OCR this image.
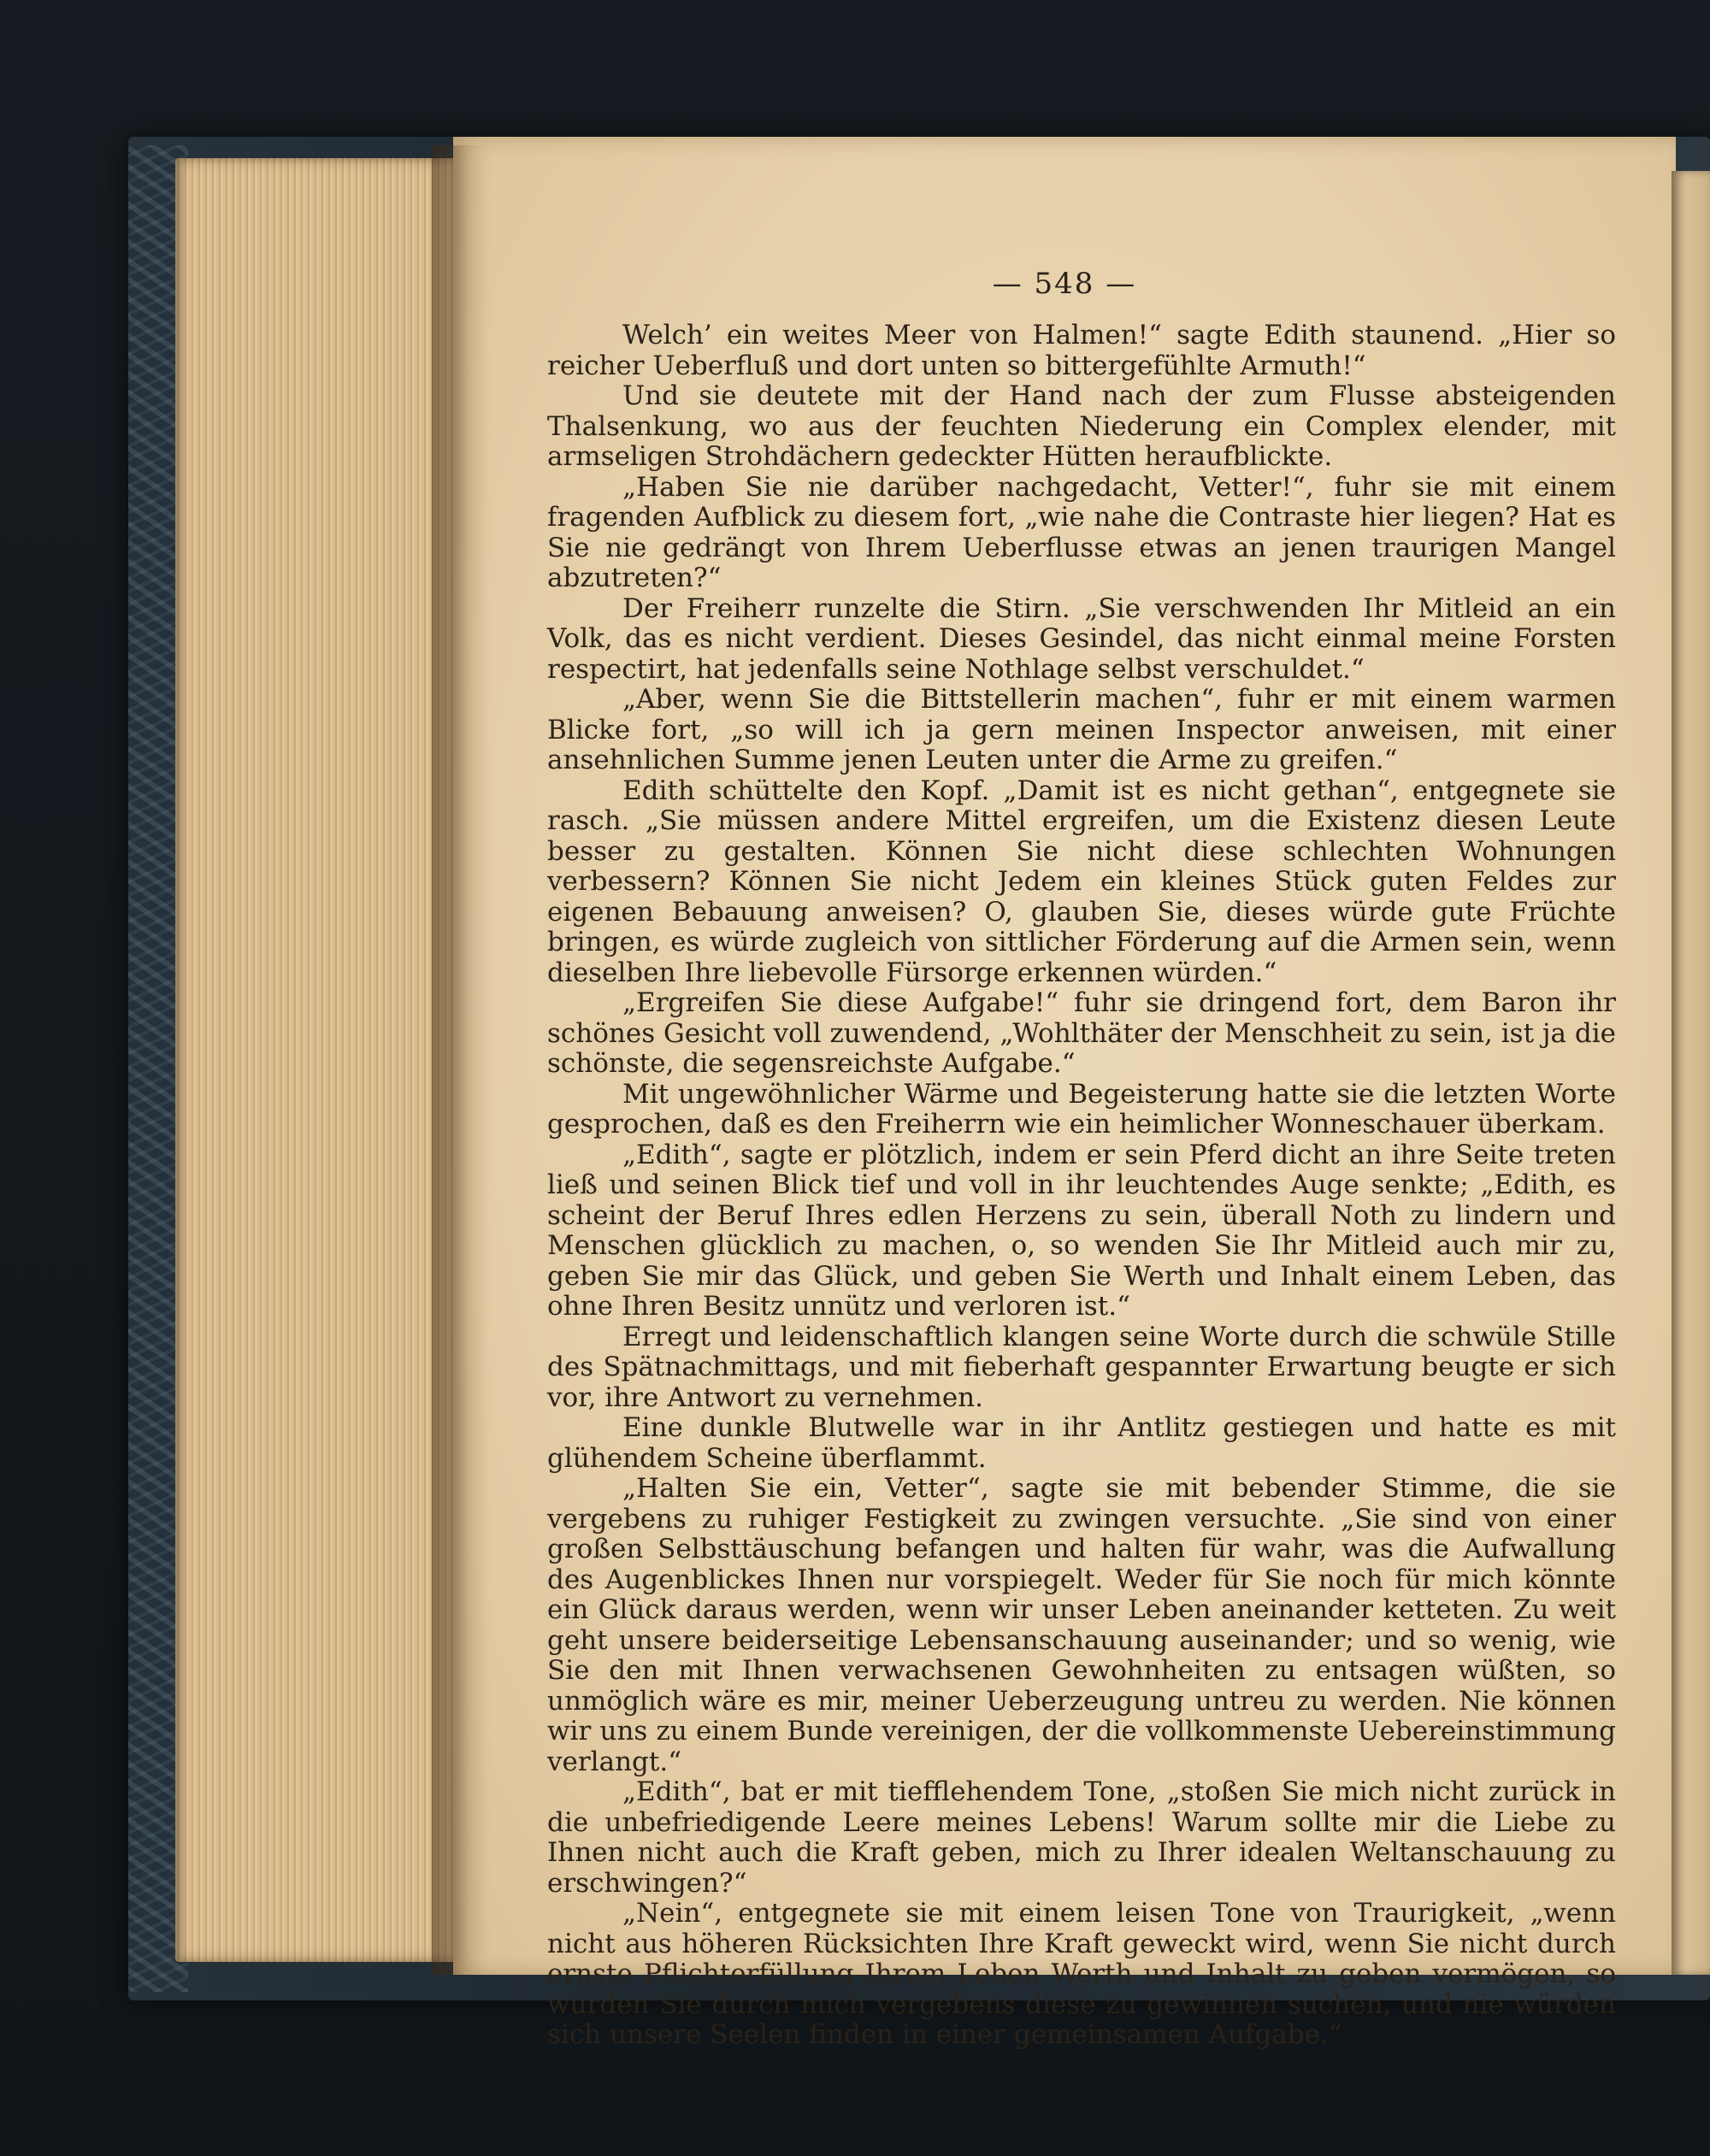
— 548 —

Welch’ ein weites Meer von Halmen!“ sagte Edith staunend. „Hier so reicher Ueberfluß und dort unten so bittergefühlte Armuth!“

Und sie deutete mit der Hand nach der zum Flusse absteigenden Thalsenkung, wo aus der feuchten Niederung ein Complex elender, mit armseligen Strohdächern gedeckter Hütten heraufblickte.

„Haben Sie nie darüber nachgedacht, Vetter!“, fuhr sie mit einem fragenden Aufblick zu diesem fort, „wie nahe die Contraste hier liegen? Hat es Sie nie gedrängt von Ihrem Ueberflusse etwas an jenen traurigen Mangel abzutreten?“

Der Freiherr runzelte die Stirn. „Sie verschwenden Ihr Mitleid an ein Volk, das es nicht verdient. Dieses Gesindel, das nicht einmal meine Forsten respectirt, hat jedenfalls seine Nothlage selbst verschuldet.“

„Aber, wenn Sie die Bittstellerin machen“, fuhr er mit einem warmen Blicke fort, „so will ich ja gern meinen Inspector anweisen, mit einer ansehnlichen Summe jenen Leuten unter die Arme zu greifen.“

Edith schüttelte den Kopf. „Damit ist es nicht gethan“, entgegnete sie rasch. „Sie müssen andere Mittel ergreifen, um die Existenz diesen Leute besser zu gestalten. Können Sie nicht diese schlechten Wohnungen verbessern? Können Sie nicht Jedem ein kleines Stück guten Feldes zur eigenen Bebauung anweisen? O, glauben Sie, dieses würde gute Früchte bringen, es würde zugleich von sittlicher Förderung auf die Armen sein, wenn dieselben Ihre liebevolle Fürsorge erkennen würden.“

„Ergreifen Sie diese Aufgabe!“ fuhr sie dringend fort, dem Baron ihr schönes Gesicht voll zuwendend, „Wohlthäter der Menschheit zu sein, ist ja die schönste, die segensreichste Aufgabe.“

Mit ungewöhnlicher Wärme und Begeisterung hatte sie die letzten Worte gesprochen, daß es den Freiherrn wie ein heimlicher Wonneschauer überkam.

„Edith“, sagte er plötzlich, indem er sein Pferd dicht an ihre Seite treten ließ und seinen Blick tief und voll in ihr leuchtendes Auge senkte; „Edith, es scheint der Beruf Ihres edlen Herzens zu sein, überall Noth zu lindern und Menschen glücklich zu machen, o, so wenden Sie Ihr Mitleid auch mir zu, geben Sie mir das Glück, und geben Sie Werth und Inhalt einem Leben, das ohne Ihren Besitz unnütz und verloren ist.“

Erregt und leidenschaftlich klangen seine Worte durch die schwüle Stille des Spätnachmittags, und mit fieberhaft gespannter Erwartung beugte er sich vor, ihre Antwort zu vernehmen.

Eine dunkle Blutwelle war in ihr Antlitz gestiegen und hatte es mit glühendem Scheine überflammt.

„Halten Sie ein, Vetter“, sagte sie mit bebender Stimme, die sie vergebens zu ruhiger Festigkeit zu zwingen versuchte. „Sie sind von einer großen Selbsttäuschung befangen und halten für wahr, was die Aufwallung des Augenblickes Ihnen nur vorspiegelt. Weder für Sie noch für mich könnte ein Glück daraus werden, wenn wir unser Leben aneinander ketteten. Zu weit geht unsere beiderseitige Lebensanschauung auseinander; und so wenig, wie Sie den mit Ihnen verwachsenen Gewohnheiten zu entsagen wüßten, so unmöglich wäre es mir, meiner Ueberzeugung untreu zu werden. Nie können wir uns zu einem Bunde vereinigen, der die vollkommenste Uebereinstimmung verlangt.“

„Edith“, bat er mit tiefflehendem Tone, „stoßen Sie mich nicht zurück in die unbefriedigende Leere meines Lebens! Warum sollte mir die Liebe zu Ihnen nicht auch die Kraft geben, mich zu Ihrer idealen Weltanschauung zu erschwingen?“

„Nein“, entgegnete sie mit einem leisen Tone von Traurigkeit, „wenn nicht aus höheren Rücksichten Ihre Kraft geweckt wird, wenn Sie nicht durch ernste Pflichterfüllung Ihrem Leben Werth und Inhalt zu geben vermögen, so würden Sie durch mich vergebens diese zu gewinnen suchen, und nie würden sich unsere Seelen finden in einer gemeinsamen Aufgabe.“
